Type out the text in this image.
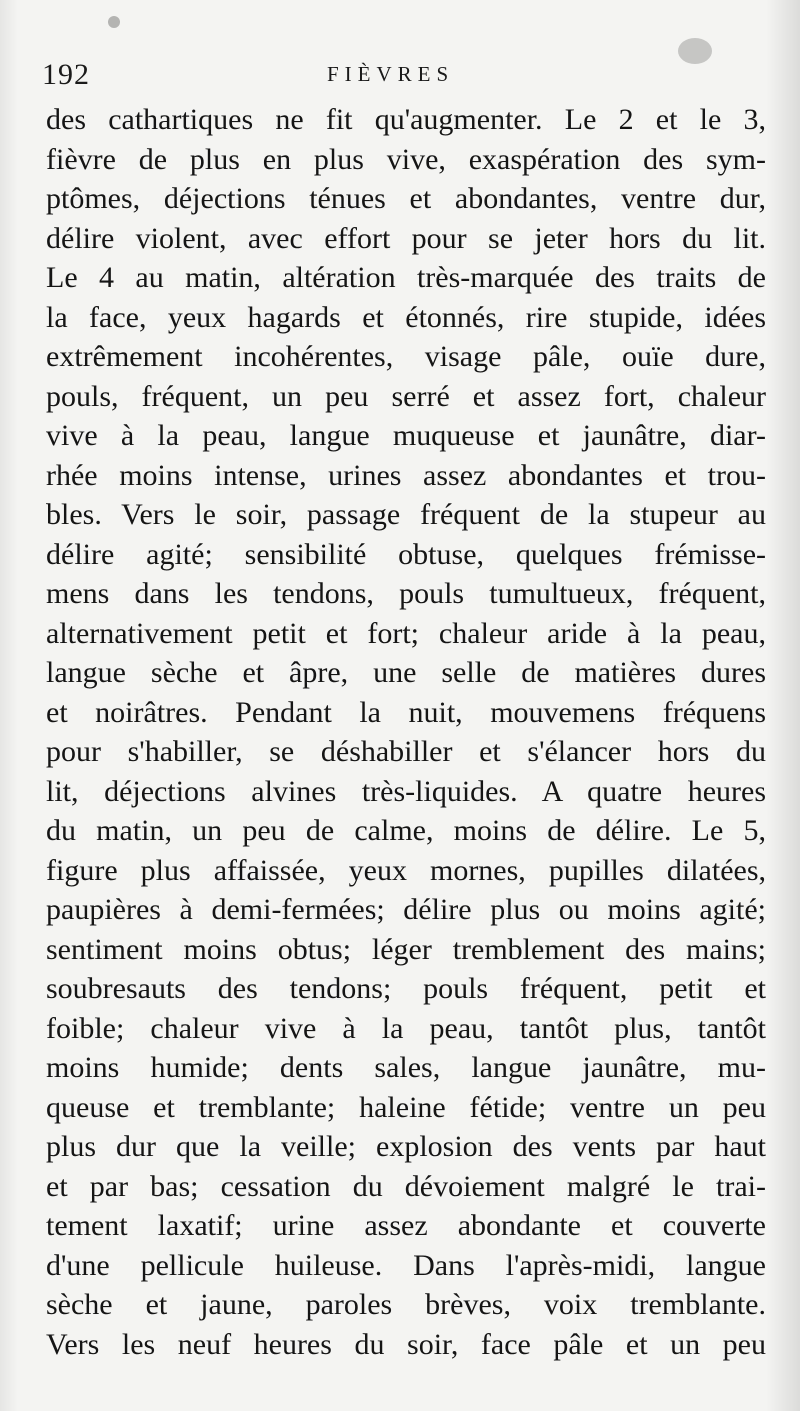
192	FIÈVRES
des cathartiques ne fit qu'augmenter. Le 2 et le 3,
fièvre de plus en plus vive, exaspération des sym-
ptômes, déjections ténues et abondantes, ventre dur,
délire violent, avec effort pour se jeter hors du lit.
Le 4 au matin, altération très-marquée des traits de
la face, yeux hagards et étonnés, rire stupide, idées
extrêmement incohérentes, visage pâle, ouïe dure,
pouls, fréquent, un peu serré et assez fort, chaleur
vive à la peau, langue muqueuse et jaunâtre, diar-
rhée moins intense, urines assez abondantes et trou-
bles. Vers le soir, passage fréquent de la stupeur au
délire agité; sensibilité obtuse, quelques frémisse-
mens dans les tendons, pouls tumultueux, fréquent,
alternativement petit et fort; chaleur aride à la peau,
langue sèche et âpre, une selle de matières dures
et noirâtres. Pendant la nuit, mouvemens fréquens
pour s'habiller, se déshabiller et s'élancer hors du
lit, déjections alvines très-liquides. A quatre heures
du matin, un peu de calme, moins de délire. Le 5,
figure plus affaissée, yeux mornes, pupilles dilatées,
paupières à demi-fermées; délire plus ou moins agité;
sentiment moins obtus; léger tremblement des mains;
soubresauts des tendons; pouls fréquent, petit et
foible; chaleur vive à la peau, tantôt plus, tantôt
moins humide; dents sales, langue jaunâtre, mu-
queuse et tremblante; haleine fétide; ventre un peu
plus dur que la veille; explosion des vents par haut
et par bas; cessation du dévoiement malgré le trai-
tement laxatif; urine assez abondante et couverte
d'une pellicule huileuse. Dans l'après-midi, langue
sèche et jaune, paroles brèves, voix tremblante.
Vers les neuf heures du soir, face pâle et un peu
